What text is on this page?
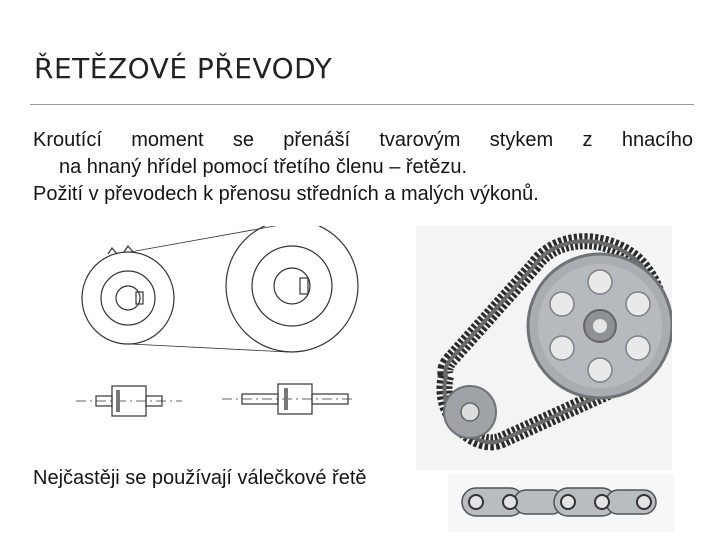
ŘETĚZOVÉ PŘEVODY

Kroutící moment se přenáší tvarovým stykem z hnacího
na hnaný hřídel pomocí třetího členu – řetězu.

Požití v převodech k přenosu středních a malých výkonů.

Nejčastěji se používají válečkové řetě
